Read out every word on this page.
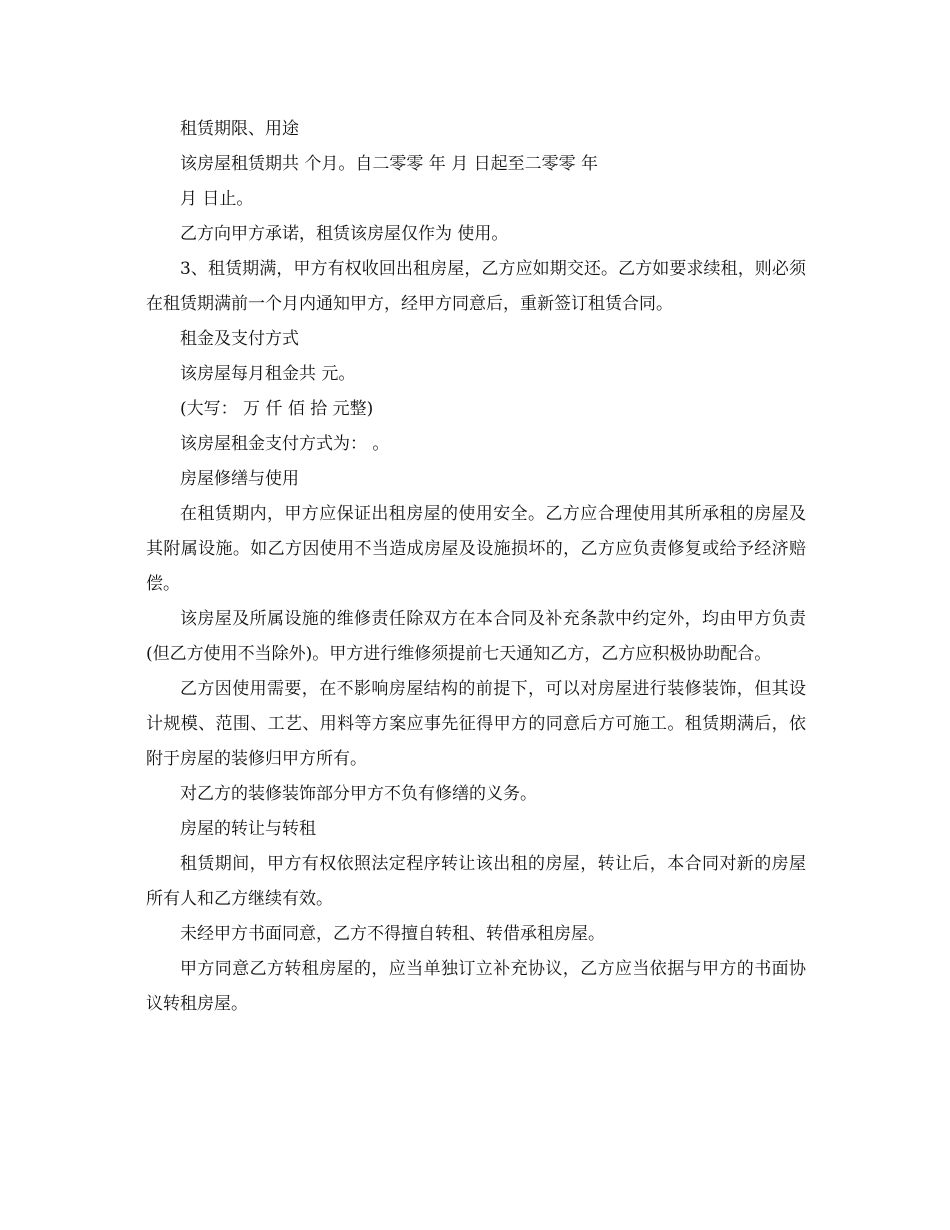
租赁期限、用途

该房屋租赁期共 个月。自二零零 年 月 日起至二零零 年

月 日止。

乙方向甲方承诺，租赁该房屋仅作为 使用。

3、租赁期满，甲方有权收回出租房屋，乙方应如期交还。乙方如要求续租，则必须在租赁期满前一个月内通知甲方，经甲方同意后，重新签订租赁合同。

租金及支付方式

该房屋每月租金共 元。

(大写： 万 仟 佰 拾 元整)

该房屋租金支付方式为： 。

房屋修缮与使用

在租赁期内，甲方应保证出租房屋的使用安全。乙方应合理使用其所承租的房屋及其附属设施。如乙方因使用不当造成房屋及设施损坏的，乙方应负责修复或给予经济赔偿。

该房屋及所属设施的维修责任除双方在本合同及补充条款中约定外，均由甲方负责(但乙方使用不当除外)。甲方进行维修须提前七天通知乙方，乙方应积极协助配合。

乙方因使用需要，在不影响房屋结构的前提下，可以对房屋进行装修装饰，但其设计规模、范围、工艺、用料等方案应事先征得甲方的同意后方可施工。租赁期满后，依附于房屋的装修归甲方所有。

对乙方的装修装饰部分甲方不负有修缮的义务。

房屋的转让与转租

租赁期间，甲方有权依照法定程序转让该出租的房屋，转让后，本合同对新的房屋所有人和乙方继续有效。

未经甲方书面同意，乙方不得擅自转租、转借承租房屋。

甲方同意乙方转租房屋的，应当单独订立补充协议，乙方应当依据与甲方的书面协议转租房屋。
